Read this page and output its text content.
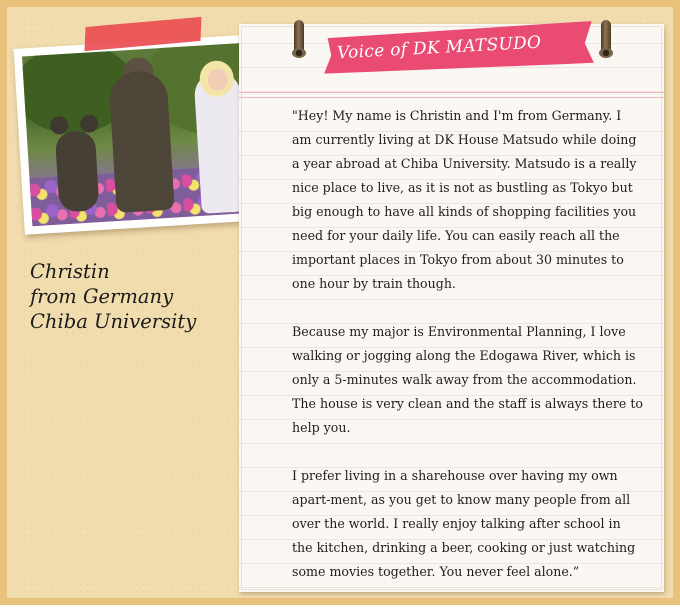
Christin
from Germany
Chiba University
Voice of DK MATSUDO

"Hey! My name is Christin and I'm from Germany. I am currently living at DK House Matsudo while doing a year abroad at Chiba University. Matsudo is a really nice place to live, as it is not as bustling as Tokyo but big enough to have all kinds of shopping facilities you need for your daily life. You can easily reach all the important places in Tokyo from about 30 minutes to one hour by train though.

Because my major is Environmental Planning, I love walking or jogging along the Edogawa River, which is only a 5-minutes walk away from the accommodation. The house is very clean and the staff is always there to help you.

I prefer living in a sharehouse over having my own apart-ment, as you get to know many people from all over the world. I really enjoy talking after school in the kitchen, drinking a beer, cooking or just watching some movies together. You never feel alone.”
